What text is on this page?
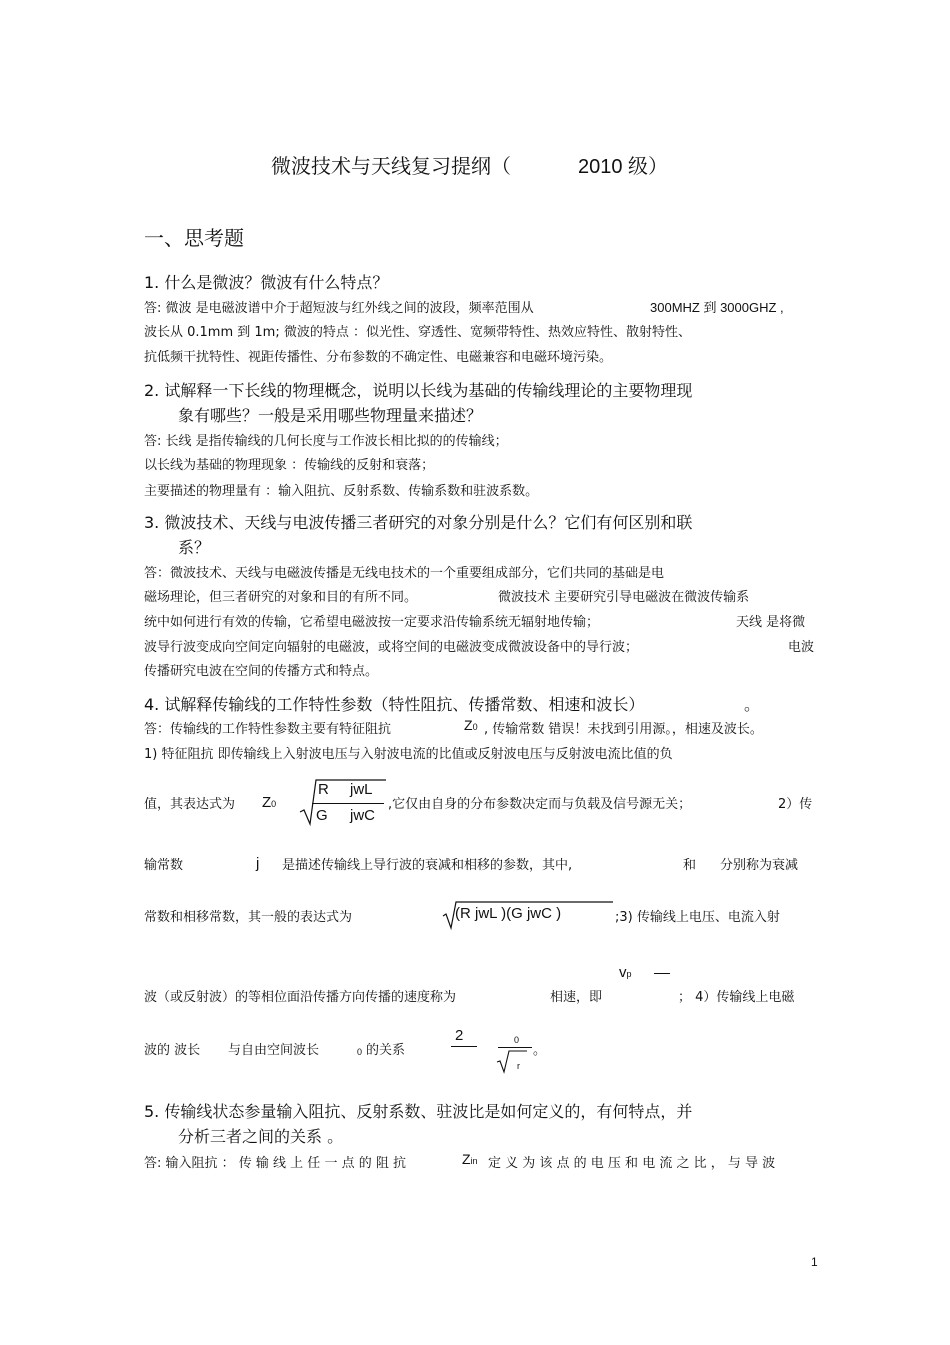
微波技术与天线复习提纲（	2010 级）
一、思考题
1. 什么是微波？微波有什么特点？
答: 微波 是电磁波谱中介于超短波与红外线之间的波段，频率范围从	300MHZ 到 3000GHZ ,
波长从 0.1mm 到 1m; 微波的特点 ：似光性、穿透性、宽频带特性、热效应特性、散射特性、
抗低频干扰特性、视距传播性、分布参数的不确定性、电磁兼容和电磁环境污染。
2. 试解释一下长线的物理概念，说明以长线为基础的传输线理论的主要物理现
象有哪些？一般是采用哪些物理量来描述？
答: 长线 是指传输线的几何长度与工作波长相比拟的的传输线；
以长线为基础的物理现象 ：传输线的反射和衰落；
主要描述的物理量有 ：输入阻抗、反射系数、传输系数和驻波系数。
3. 微波技术、天线与电波传播三者研究的对象分别是什么？它们有何区别和联
系？
答：微波技术、天线与电磁波传播是无线电技术的一个重要组成部分，它们共同的基础是电
磁场理论，但三者研究的对象和目的有所不同。	微波技术 主要研究引导电磁波在微波传输系
统中如何进行有效的传输，它希望电磁波按一定要求沿传输系统无辐射地传输；	天线 是将微
波导行波变成向空间定向辐射的电磁波，或将空间的电磁波变成微波设备中的导行波；	电波
传播研究电波在空间的传播方式和特点。
4. 试解释传输线的工作特性参数（特性阻抗、传播常数、相速和波长）	。
答：传输线的工作特性参数主要有特征阻抗	Z0 , 传输常数 错误！未找到引用源。，相速及波长。
1) 特征阻抗 即传输线上入射波电压与入射波电流的比值或反射波电压与反射波电流比值的负
值，其表达式为 Z0
R jwL
G jwC
,它仅由自身的分布参数决定而与负载及信号源无关；	2）传
输常数	j 是描述传输线上导行波的衰减和相移的参数，其中,	和 分别称为衰减
常数和相移常数，其一般的表达式为	(R jwL )(G jwC )	;3) 传输线上电压、电流入射
vp
波（或反射波）的等相位面沿传播方向传播的速度称为	相速，即	； 4）传输线上电磁
波的 波长 与自由空间波长	0 的关系
2	0
r
。
5. 传输线状态参量输入阻抗、反射系数、驻波比是如何定义的，有何特点，并
分析三者之间的关系 。
答: 输入阻抗 ： 传 输 线 上 任 一 点 的 阻 抗	Zin 定 义 为 该 点 的 电 压 和 电 流 之 比 ， 与 导 波
1
